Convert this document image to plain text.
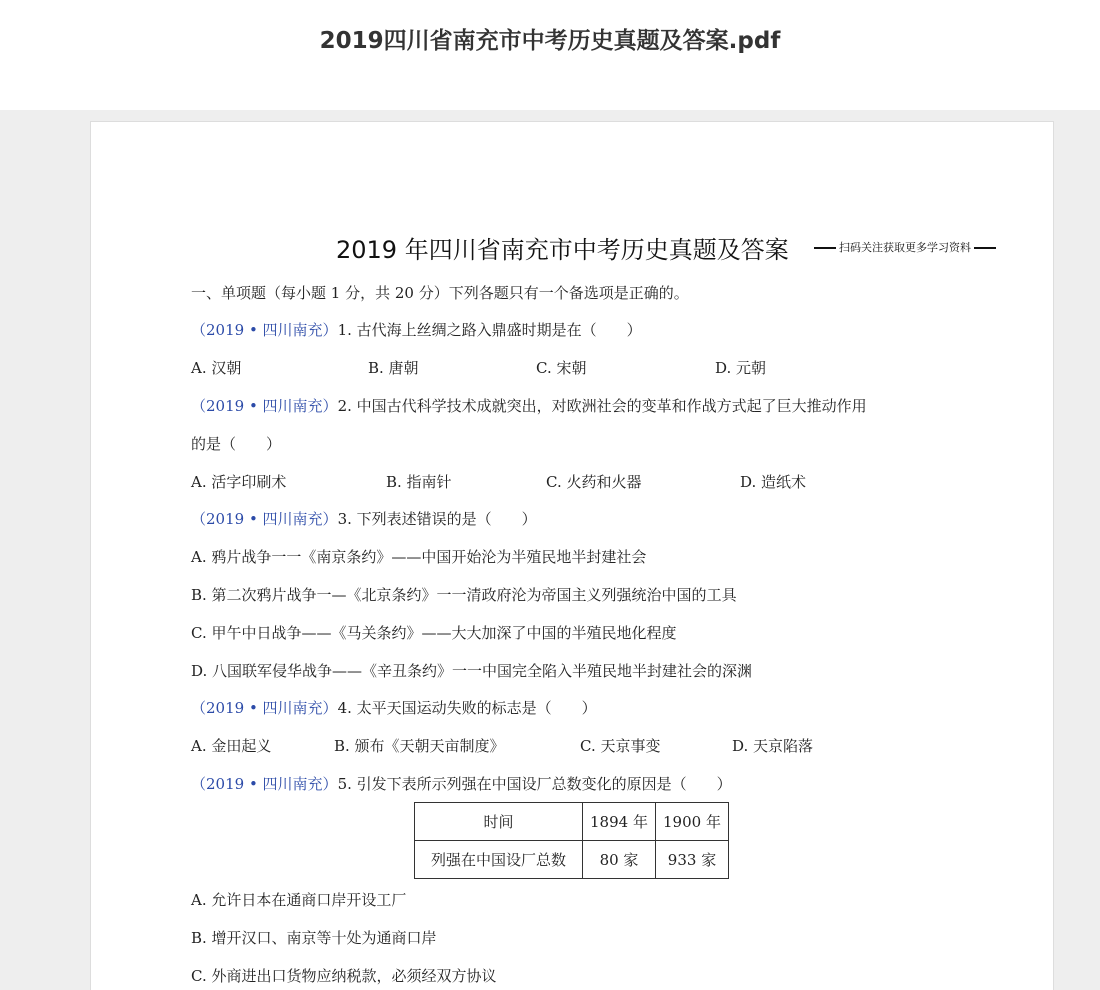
2019四川省南充市中考历史真题及答案.pdf
2019 年四川省南充市中考历史真题及答案	扫码关注获取更多学习资料
一、单项题（每小题 1 分，共 20 分）下列各题只有一个备选项是正确的。
（2019 • 四川南充）1. 古代海上丝绸之路入鼎盛时期是在（　　）
A. 汉朝	B. 唐朝	C. 宋朝	D. 元朝
（2019 • 四川南充）2. 中国古代科学技术成就突出，对欧洲社会的变革和作战方式起了巨大推动作用
的是（　　）
A. 活字印刷术	B. 指南针	C. 火药和火器	D. 造纸术
（2019 • 四川南充）3. 下列表述错误的是（　　）
A. 鸦片战争一一《南京条约》——中国开始沦为半殖民地半封建社会
B. 第二次鸦片战争一—《北京条约》一一清政府沦为帝国主义列强统治中国的工具
C. 甲午中日战争——《马关条约》——大大加深了中国的半殖民地化程度
D. 八国联军侵华战争——《辛丑条约》一一中国完全陷入半殖民地半封建社会的深渊
（2019 • 四川南充）4. 太平天国运动失败的标志是（　　）
A. 金田起义	B. 颁布《天朝天亩制度》	C. 天京事变	D. 天京陷落
（2019 • 四川南充）5. 引发下表所示列强在中国设厂总数变化的原因是（　　）
时间	1894 年	1900 年
列强在中国设厂总数	80 家	933 家
A. 允许日本在通商口岸开设工厂
B. 增开汉口、南京等十处为通商口岸
C. 外商进出口货物应纳税款，必须经双方协议
